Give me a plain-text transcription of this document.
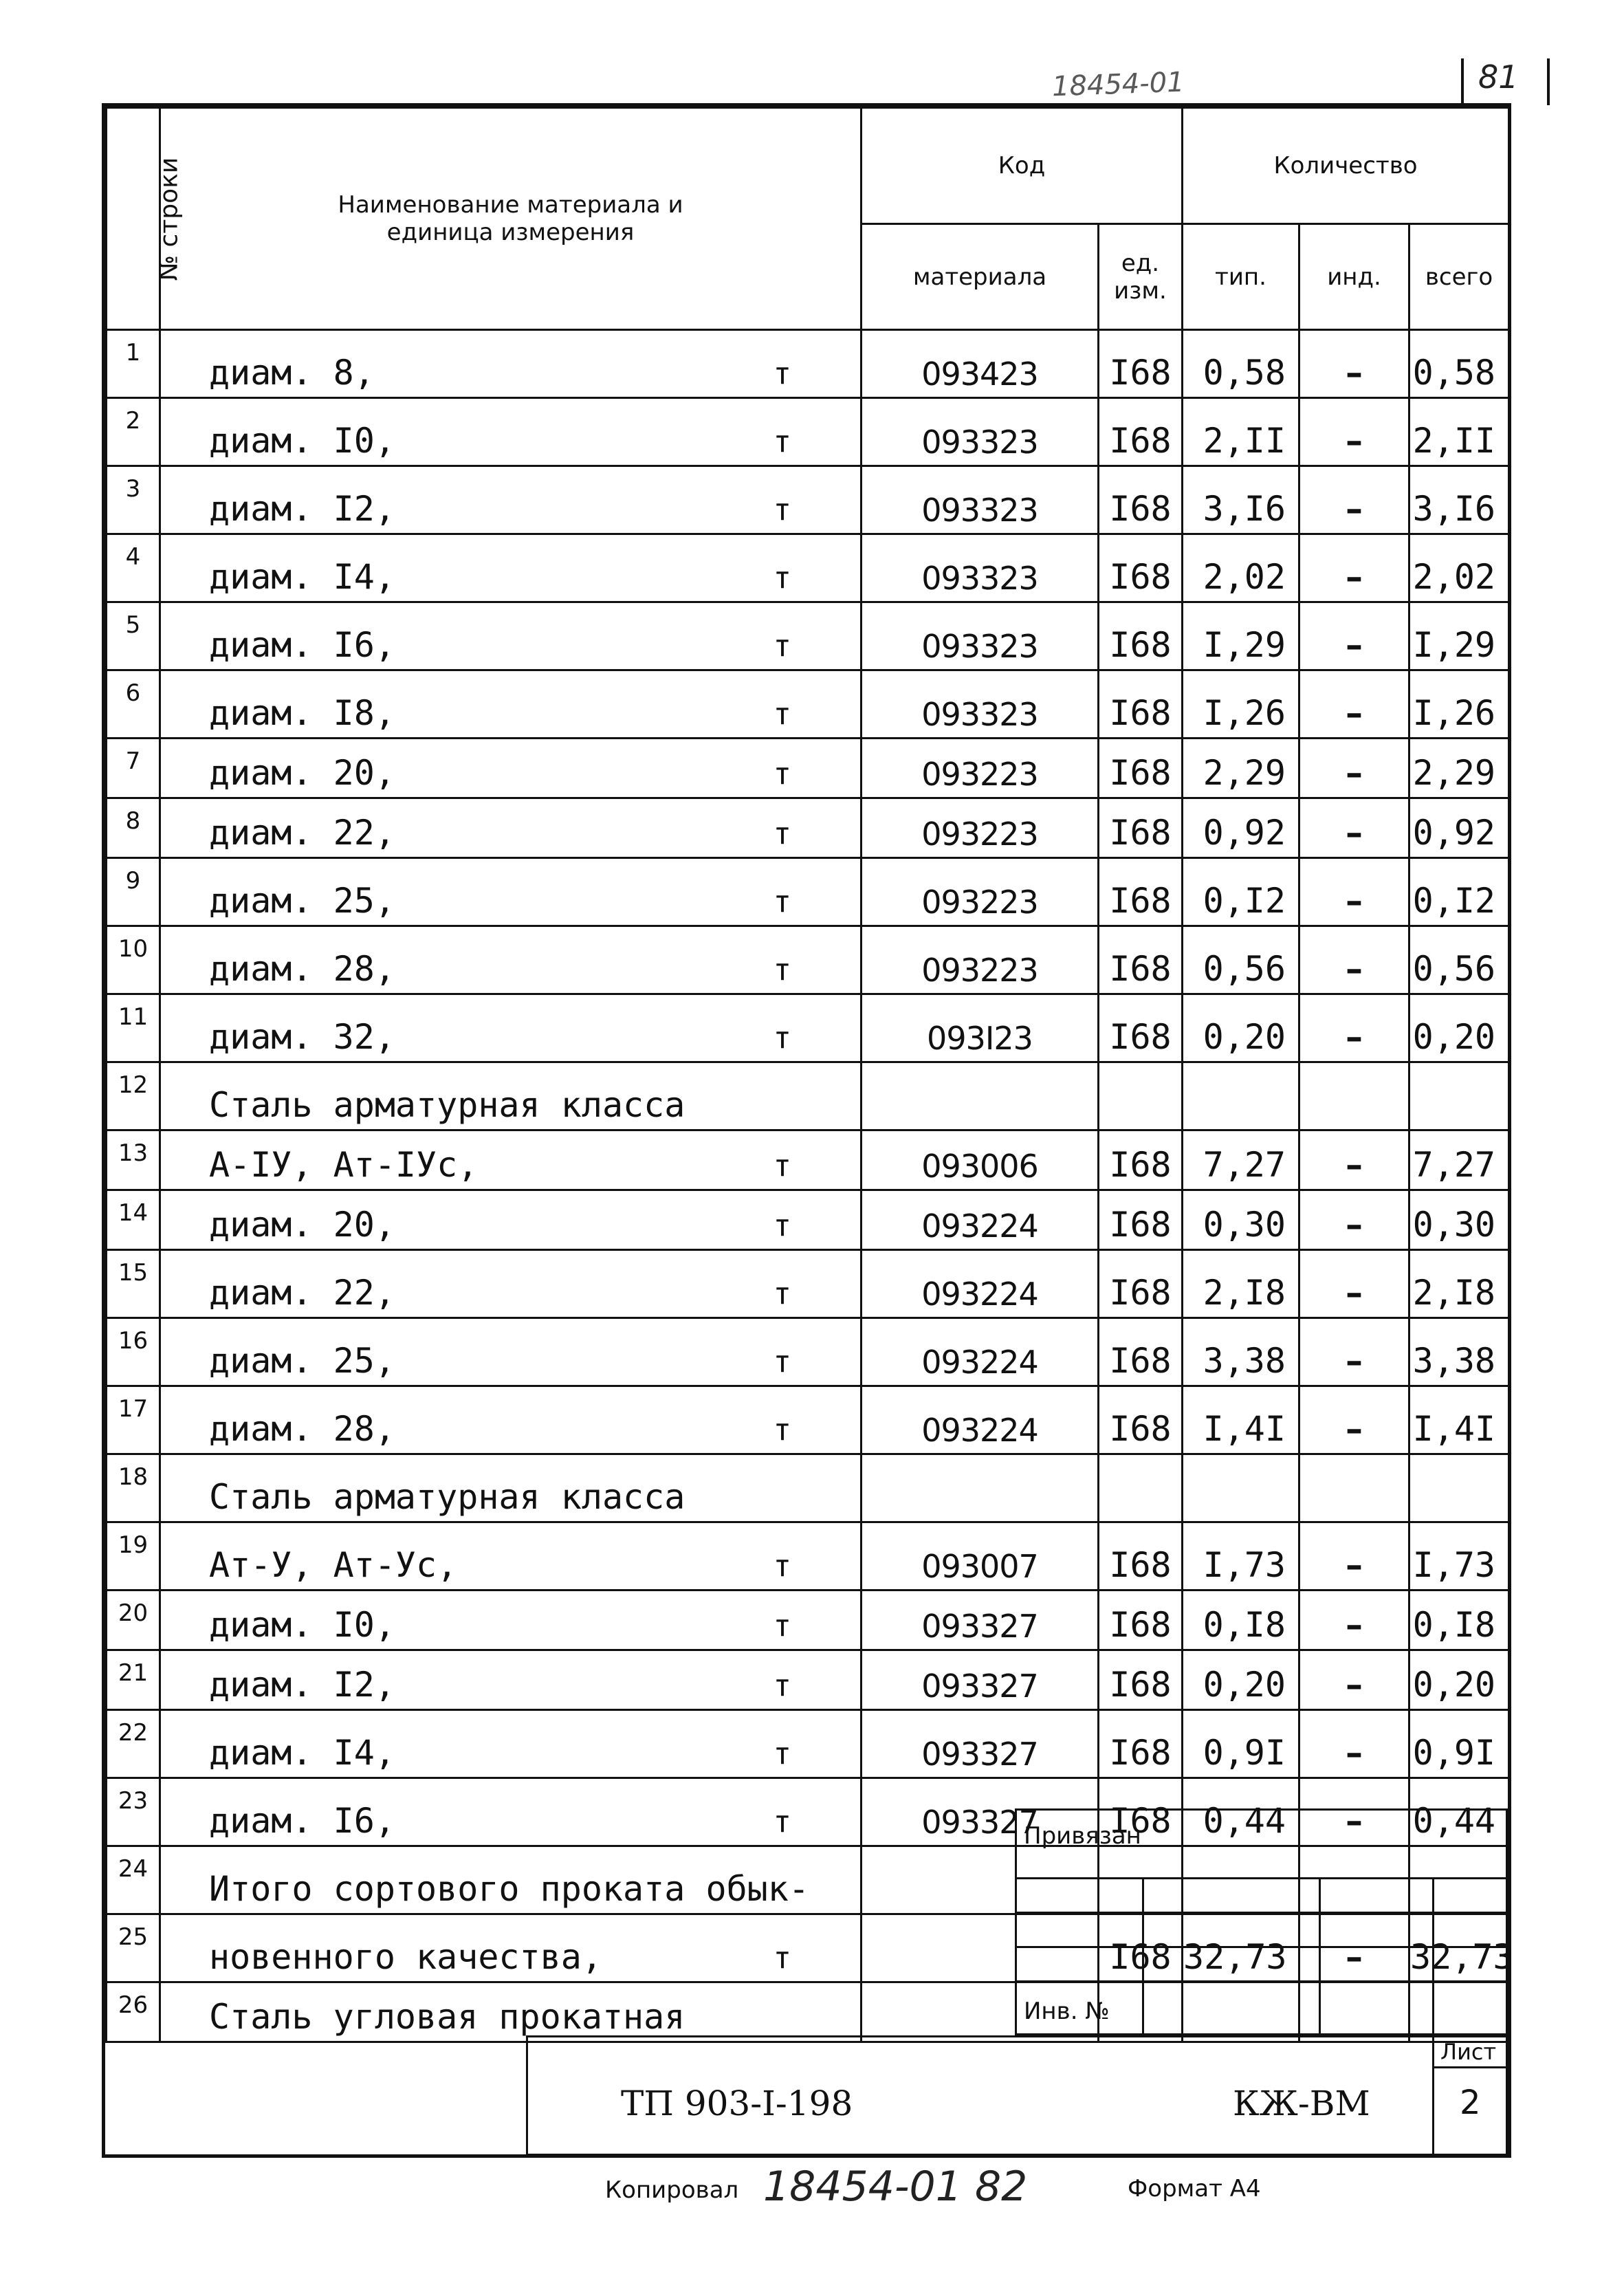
18454-01	81
№ строки	Наименование материала и единица измерения	Код		Количество		
		материала	ед. изм.	тип.	инд.	всего
1	диам. 8, т	093423	I68	0,58	–	0,58
2	диам. I0, т	093323	I68	2,II	–	2,II
3	диам. I2, т	093323	I68	3,I6	–	3,I6
4	диам. I4, т	093323	I68	2,02	–	2,02
5	диам. I6, т	093323	I68	I,29	–	I,29
6	диам. I8, т	093323	I68	I,26	–	I,26
7	диам. 20, т	093223	I68	2,29	–	2,29
8	диам. 22, т	093223	I68	0,92	–	0,92
9	диам. 25, т	093223	I68	0,I2	–	0,I2
10	диам. 28, т	093223	I68	0,56	–	0,56
11	диам. 32, т	093I23	I68	0,20	–	0,20
12	Сталь арматурная класса

13	А-IУ, Ат-IУс, т	093006	I68	7,27	–	7,27
14	диам. 20, т	093224	I68	0,30	–	0,30
15	диам. 22, т	093224	I68	2,I8	–	2,I8
16	диам. 25, т	093224	I68	3,38	–	3,38
17	диам. 28, т	093224	I68	I,4I	–	I,4I
18	Сталь арматурная класса

19	Ат-У, Ат-Ус, т	093007	I68	I,73	–	I,73
20	диам. I0, т	093327	I68	0,I8	–	0,I8
21	диам. I2, т	093327	I68	0,20	–	0,20
22	диам. I4, т	093327	I68	0,9I	–	0,9I
23	диам. I6, т	093327	I68	0,44	–	0,44
24	Итого сортового проката обык-

25	новенного качества, т		I68	32,73	–	32,73
26	Сталь угловая прокатная

Привязан
Инв. №
ТП 903-I-198	КЖ-ВМ
Лист
2
Копировал 18454-01 82	Формат А4
